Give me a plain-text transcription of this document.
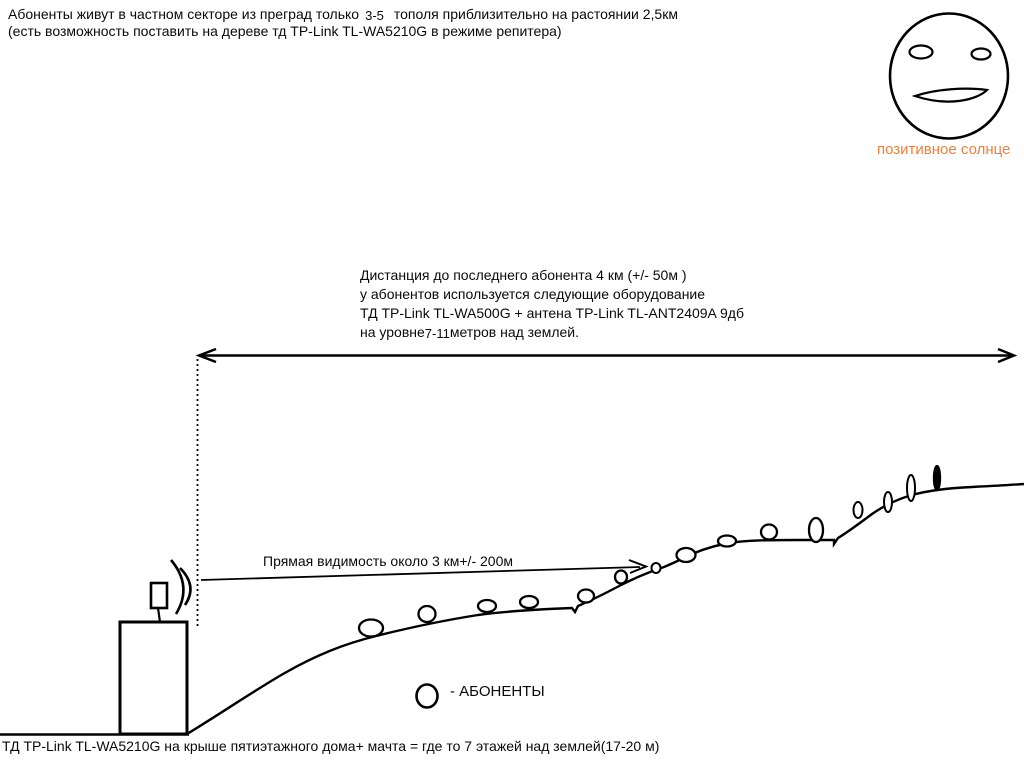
Абоненты живут в частном секторе из преград только 3-5 тополя приблизительно на растоянии 2,5км
(есть возможность поставить на дереве тд TP-Link TL-WA5210G в режиме репитера)
позитивное солнце
Дистанция до последнего абонента 4 км (+/- 50м )
у абонентов используется следующие оборудование
ТД TP-Link TL-WA500G + антена TP-Link TL-ANT2409A 9дб
на уровне7-11метров над землей.
Прямая видимость около 3 км+/- 200м
- АБОНЕНТЫ
ТД TP-Link TL-WA5210G на крыше пятиэтажного дома+ мачта = где то 7 этажей над землей(17-20 м)
